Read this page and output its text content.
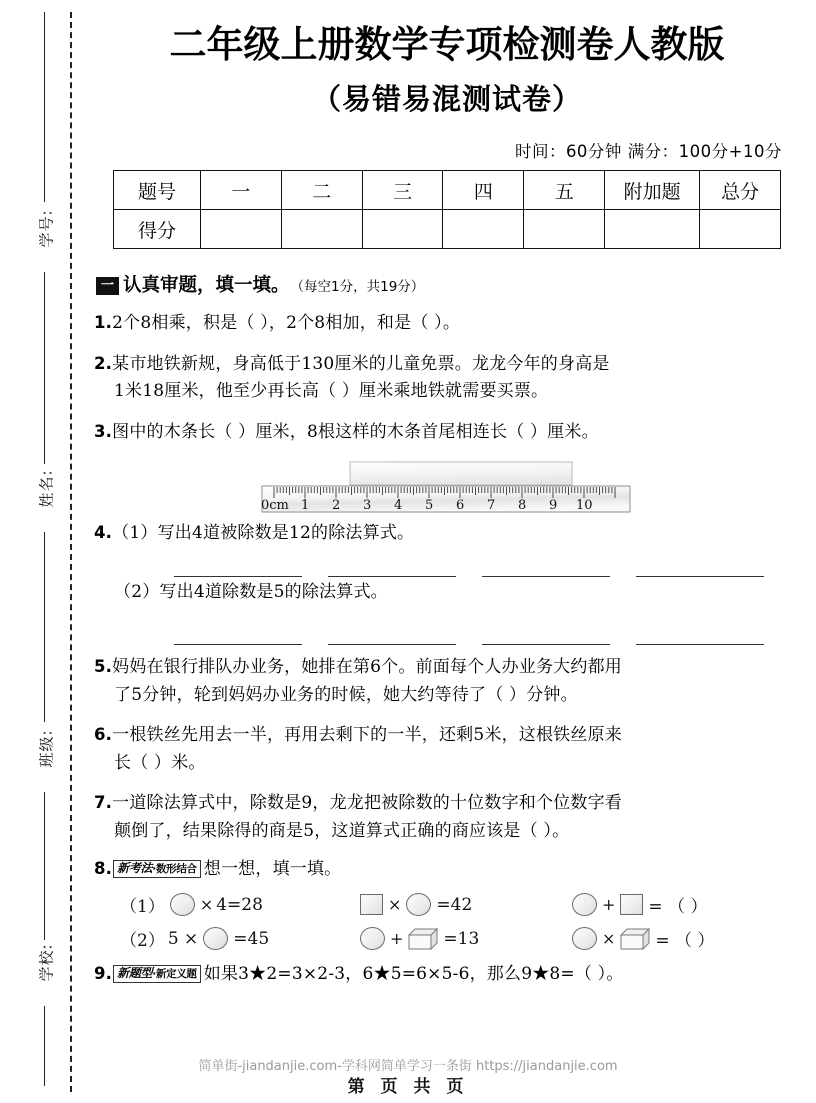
学号:
姓名:
班级:
学校:
二年级上册数学专项检测卷人教版
（易错易混测试卷）
时间：60分钟 满分：100分+10分
题号	一	二	三	四	五	附加题	总分
得分							
一 认真审题，填一填。 （每空1分，共19分）
1.2个8相乘，积是（ ），2个8相加，和是（ ）。
2.某市地铁新规，身高低于130厘米的儿童免票。龙龙今年的身高是
1米18厘米，他至少再长高（ ）厘米乘地铁就需要买票。
3.图中的木条长（ ）厘米，8根这样的木条首尾相连长（ ）厘米。
0cm 1 2 3 4 5 6 7 8 9 10
4.（1）写出4道被除数是12的除法算式。
（2）写出4道除数是5的除法算式。
5.妈妈在银行排队办业务，她排在第6个。前面每个人办业务大约都用
了5分钟，轮到妈妈办业务的时候，她大约等待了（ ）分钟。
6.一根铁丝先用去一半，再用去剩下的一半，还剩5米，这根铁丝原来
长（ ）米。
7.一道除法算式中，除数是9，龙龙把被除数的十位数字和个位数字看
颠倒了，结果除得的商是5，这道算式正确的商应该是（ ）。
8. 新考法·数形结合 想一想，填一填。
（1） × 4=28	× =42	+ = （ ）
（2） 5 × =45	+ =13	× = （ ）
9. 新题型·新定义题 如果3★2=3×2-3，6★5=6×5-6，那么9★8=（ ）。
简单街-jiandanjie.com-学科网简单学习一条街 https://jiandanjie.com
第 页 共 页
